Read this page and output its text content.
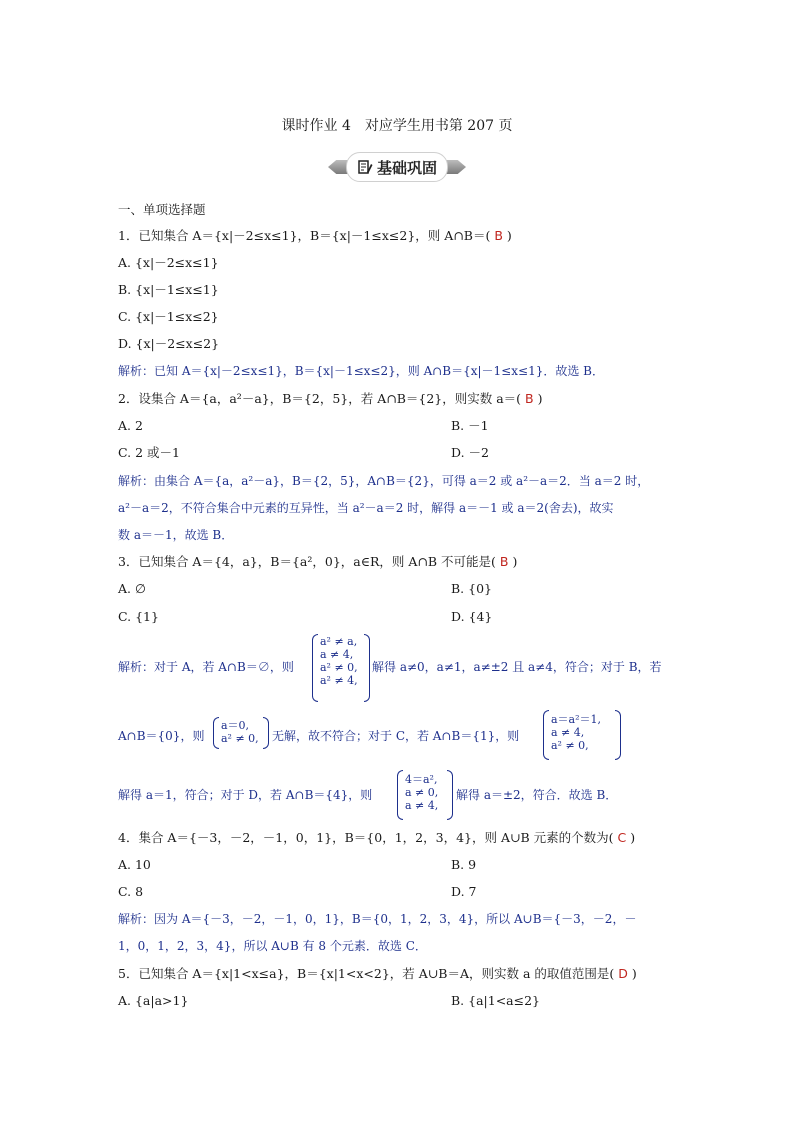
课时作业 4　对应学生用书第 207 页
基础巩固
一、单项选择题
1．已知集合 A＝{x|－2≤x≤1}，B＝{x|－1≤x≤2}，则 A∩B＝( B )
A. {x|－2≤x≤1}
B. {x|－1≤x≤1}
C. {x|－1≤x≤2}
D. {x|－2≤x≤2}
解析：已知 A＝{x|－2≤x≤1}，B＝{x|－1≤x≤2}，则 A∩B＝{x|－1≤x≤1}．故选 B．
2．设集合 A＝{a，a²－a}，B＝{2，5}，若 A∩B＝{2}，则实数 a＝( B )
A. 2	B. －1
C. 2 或－1	D. －2
解析：由集合 A＝{a，a²－a}，B＝{2，5}，A∩B＝{2}，可得 a＝2 或 a²－a＝2．当 a＝2 时，
a²－a＝2，不符合集合中元素的互异性，当 a²－a＝2 时，解得 a＝－1 或 a＝2(舍去)，故实
数 a＝－1，故选 B．
3．已知集合 A＝{4，a}，B＝{a²，0}，a∈R，则 A∩B 不可能是( B )
A. ∅	B. {0}
C. {1}	D. {4}
解析：对于 A，若 A∩B＝∅，则
a² ≠ a,
a ≠ 4,
a² ≠ 0,
a² ≠ 4,
解得 a≠0，a≠1，a≠±2 且 a≠4，符合；对于 B，若
A∩B＝{0}，则
a＝0,
a² ≠ 0, 无解，故不符合；对于 C，若 A∩B＝{1}，则
a＝a²＝1,
a ≠ 4,
a² ≠ 0,
解得 a＝1，符合；对于 D，若 A∩B＝{4}，则
4＝a²,
a ≠ 0,
a ≠ 4,
解得 a＝±2，符合．故选 B．
4．集合 A＝{－3，－2，－1，0，1}，B＝{0，1，2，3，4}，则 A∪B 元素的个数为( C )
A. 10	B. 9
C. 8	D. 7
解析：因为 A＝{－3，－2，－1，0，1}，B＝{0，1，2，3，4}，所以 A∪B＝{－3，－2，－
1，0，1，2，3，4}，所以 A∪B 有 8 个元素．故选 C．
5．已知集合 A＝{x|1<x≤a}，B＝{x|1<x<2}，若 A∪B＝A，则实数 a 的取值范围是( D )
A. {a|a>1}	B. {a|1<a≤2}
